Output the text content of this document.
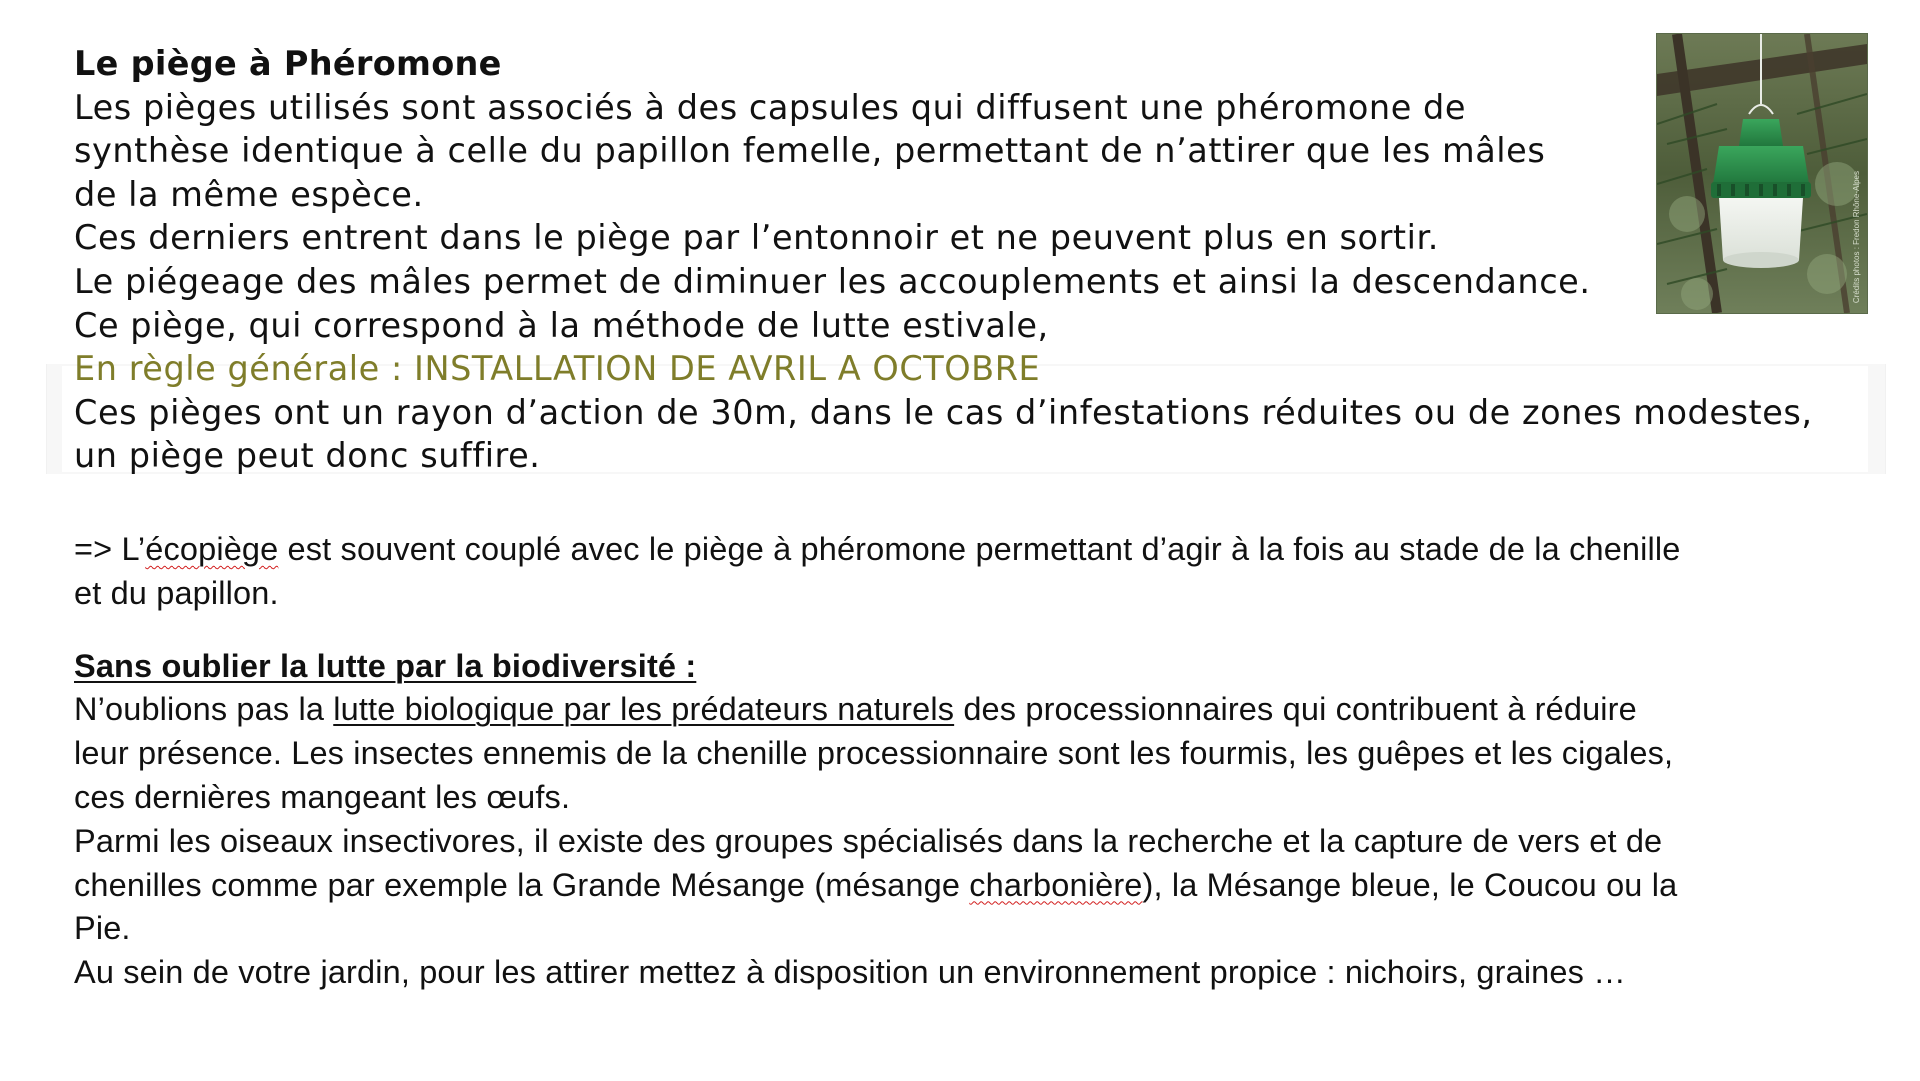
Le piège à Phéromone
Les pièges utilisés sont associés à des capsules qui diffusent une phéromone de
synthèse identique à celle du papillon femelle, permettant de n’attirer que les mâles
de la même espèce.
Ces derniers entrent dans le piège par l’entonnoir et ne peuvent plus en sortir.
Le piégeage des mâles permet de diminuer les accouplements et ainsi la descendance.
Ce piège, qui correspond à la méthode de lutte estivale,
En règle générale : INSTALLATION DE AVRIL A OCTOBRE
Ces pièges ont un rayon d’action de 30m, dans le cas d’infestations réduites ou de zones modestes,
un piège peut donc suffire.
Crédits photos : Fredon Rhône-Alpes
=> L’écopiège est souvent couplé avec le piège à phéromone permettant d’agir à la fois au stade de la chenille
et du papillon.
Sans oublier la lutte par la biodiversité :
N’oublions pas la lutte biologique par les prédateurs naturels des processionnaires qui contribuent à réduire
leur présence. Les insectes ennemis de la chenille processionnaire sont les fourmis, les guêpes et les cigales,
ces dernières mangeant les œufs.
Parmi les oiseaux insectivores, il existe des groupes spécialisés dans la recherche et la capture de vers et de
chenilles comme par exemple la Grande Mésange (mésange charbonière), la Mésange bleue, le Coucou ou la
Pie.
Au sein de votre jardin, pour les attirer mettez à disposition un environnement propice : nichoirs, graines …
